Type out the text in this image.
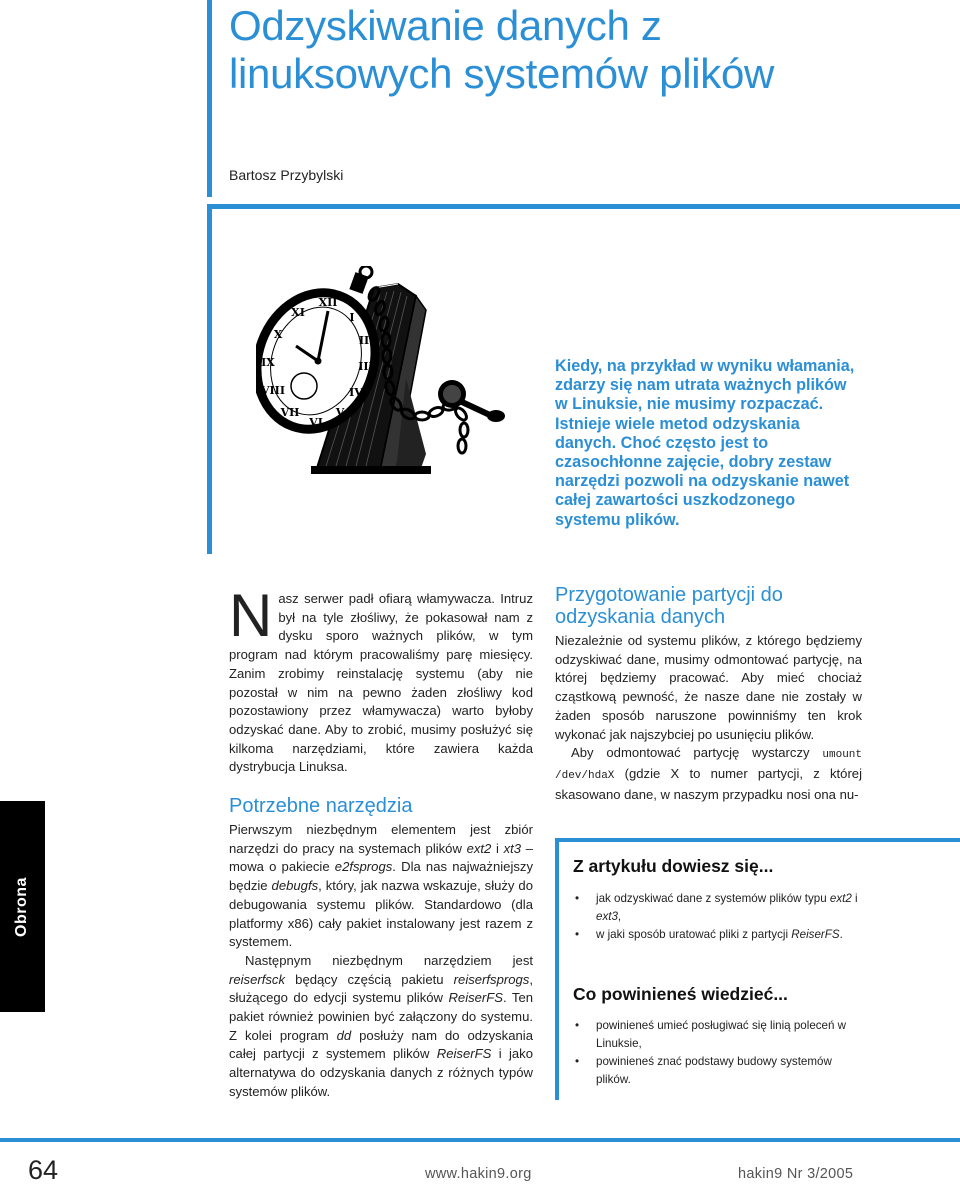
Odzyskiwanie danych z linuksowych systemów plików
Bartosz Przybylski
XII
I
II
III
IV
V
VI
VII
VIII
IX
X
XI

Kiedy, na przykład w wyniku włamania, zdarzy się nam utrata ważnych plików w Linuksie, nie musimy rozpaczać. Istnieje wiele metod odzyskania danych. Choć często jest to czasochłonne zajęcie, dobry zestaw narzędzi pozwoli na odzyskanie nawet całej zawartości uszkodzonego systemu plików.

Obrona

Nasz serwer padł ofiarą włamywacza. Intruz był na tyle złośliwy, że pokasował nam z dysku sporo ważnych plików, w tym program nad którym pracowaliśmy parę miesięcy. Zanim zrobimy reinstalację systemu (aby nie pozostał w nim na pewno żaden złośliwy kod pozostawiony przez włamywacza) warto byłoby odzyskać dane. Aby to zrobić, musimy posłużyć się kilkoma narzędziami, które zawiera każda dystrybucja Linuksa.

Potrzebne narzędzia

Pierwszym niezbędnym elementem jest zbiór narzędzi do pracy na systemach plików ext2 i xt3 – mowa o pakiecie e2fsprogs. Dla nas najważniejszy będzie debugfs, który, jak nazwa wskazuje, służy do debugowania systemu plików. Standardowo (dla platformy x86) cały pakiet instalowany jest razem z systemem.

Następnym niezbędnym narzędziem jest reiserfsck będący częścią pakietu reiserfsprogs, służącego do edycji systemu plików ReiserFS. Ten pakiet również powinien być załączony do systemu. Z kolei program dd posłuży nam do odzyskania całej partycji z systemem plików ReiserFS i jako alternatywa do odzyskania danych z różnych typów systemów plików.

Przygotowanie partycji do odzyskania danych

Niezależnie od systemu plików, z którego będziemy odzyskiwać dane, musimy odmontować partycję, na której będziemy pracować. Aby mieć chociaż cząstkową pewność, że nasze dane nie zostały w żaden sposób naruszone powinniśmy ten krok wykonać jak najszybciej po usunięciu plików.

Aby odmontować partycję wystarczy umount /dev/hdaX (gdzie X to numer partycji, z której skasowano dane, w naszym przypadku nosi ona nu-

Z artykułu dowiesz się...
• jak odzyskiwać dane z systemów plików typu ext2 i ext3,
• w jaki sposób uratować pliki z partycji ReiserFS.
Co powinieneś wiedzieć...
• powinieneś umieć posługiwać się linią poleceń w Linuksie,
• powinieneś znać podstawy budowy systemów plików.
64	www.hakin9.org	hakin9 Nr 3/2005
